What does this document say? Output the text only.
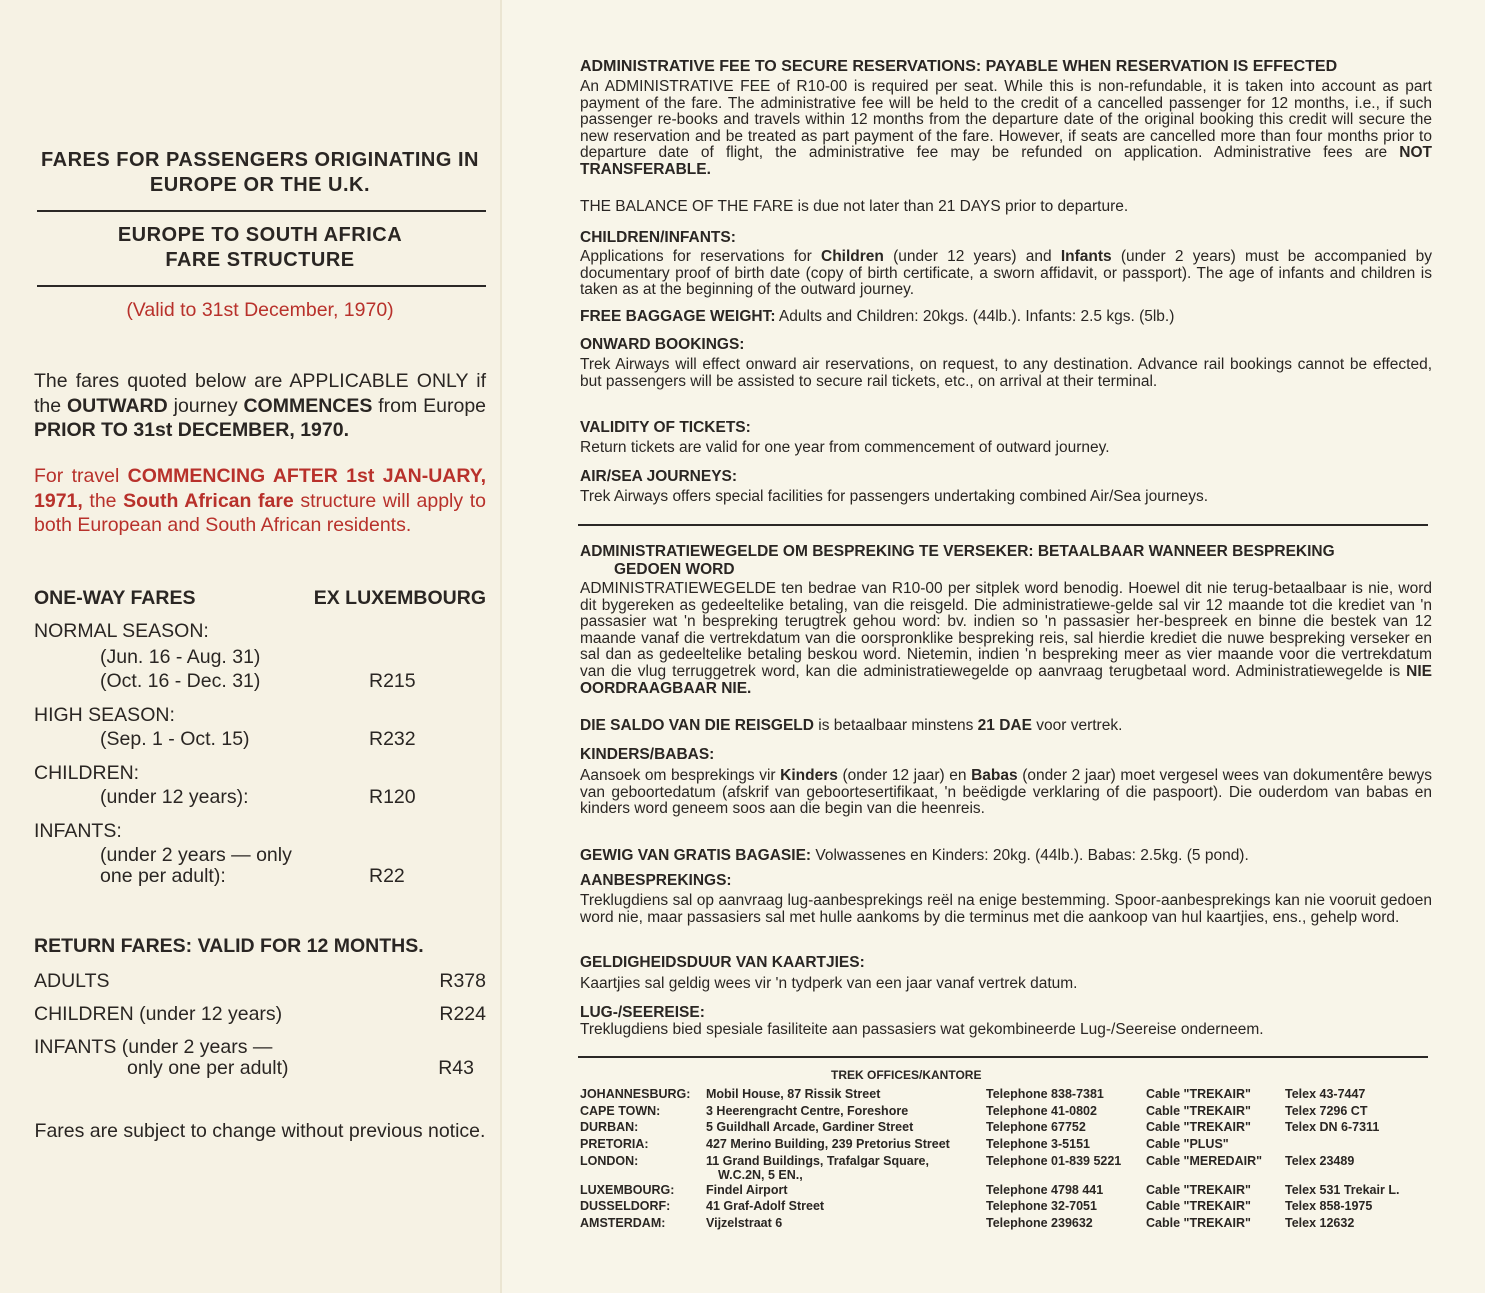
FARES FOR PASSENGERS ORIGINATING IN
EUROPE OR THE U.K.
EUROPE TO SOUTH AFRICA
FARE STRUCTURE
(Valid to 31st December, 1970)
The fares quoted below are APPLICABLE ONLY if the OUTWARD journey COMMENCES from Europe PRIOR TO 31st DECEMBER, 1970.
For travel COMMENCING AFTER 1st JAN-UARY, 1971, the South African fare structure will apply to both European and South African residents.
ONE-WAY FARES	EX LUXEMBOURG
NORMAL SEASON:
(Jun. 16 - Aug. 31)
(Oct. 16 - Dec. 31)	R215
HIGH SEASON:
(Sep. 1 - Oct. 15)	R232
CHILDREN:
(under 12 years):	R120
INFANTS:
(under 2 years — only
one per adult):	R22
RETURN FARES: VALID FOR 12 MONTHS.
ADULTS	R378
CHILDREN (under 12 years)	R224
INFANTS (under 2 years —
only one per adult)	R43
Fares are subject to change without previous notice.
ADMINISTRATIVE FEE TO SECURE RESERVATIONS: PAYABLE WHEN RESERVATION IS EFFECTED
An ADMINISTRATIVE FEE of R10-00 is required per seat. While this is non-refundable, it is taken into account as part payment of the fare. The administrative fee will be held to the credit of a cancelled passenger for 12 months, i.e., if such passenger re-books and travels within 12 months from the departure date of the original booking this credit will secure the new reservation and be treated as part payment of the fare. However, if seats are cancelled more than four months prior to departure date of flight, the administrative fee may be refunded on application. Administrative fees are NOT TRANSFERABLE.
THE BALANCE OF THE FARE is due not later than 21 DAYS prior to departure.
CHILDREN/INFANTS:
Applications for reservations for Children (under 12 years) and Infants (under 2 years) must be accompanied by documentary proof of birth date (copy of birth certificate, a sworn affidavit, or passport). The age of infants and children is taken as at the beginning of the outward journey.
FREE BAGGAGE WEIGHT: Adults and Children: 20kgs. (44lb.). Infants: 2.5 kgs. (5lb.)
ONWARD BOOKINGS:
Trek Airways will effect onward air reservations, on request, to any destination. Advance rail bookings cannot be effected, but passengers will be assisted to secure rail tickets, etc., on arrival at their terminal.
VALIDITY OF TICKETS:
Return tickets are valid for one year from commencement of outward journey.
AIR/SEA JOURNEYS:
Trek Airways offers special facilities for passengers undertaking combined Air/Sea journeys.
ADMINISTRATIEWEGELDE OM BESPREKING TE VERSEKER: BETAALBAAR WANNEER BESPREKING
GEDOEN WORD
ADMINISTRATIEWEGELDE ten bedrae van R10-00 per sitplek word benodig. Hoewel dit nie terug-betaalbaar is nie, word dit bygereken as gedeeltelike betaling, van die reisgeld. Die administratiewe-gelde sal vir 12 maande tot die krediet van 'n passasier wat 'n bespreking terugtrek gehou word: bv. indien so 'n passasier her-bespreek en binne die bestek van 12 maande vanaf die vertrekdatum van die oorspronklike bespreking reis, sal hierdie krediet die nuwe bespreking verseker en sal dan as gedeeltelike betaling beskou word. Nietemin, indien 'n bespreking meer as vier maande voor die vertrekdatum van die vlug terruggetrek word, kan die administratiewegelde op aanvraag terugbetaal word. Administratiewegelde is NIE OORDRAAGBAAR NIE.
DIE SALDO VAN DIE REISGELD is betaalbaar minstens 21 DAE voor vertrek.
KINDERS/BABAS:
Aansoek om besprekings vir Kinders (onder 12 jaar) en Babas (onder 2 jaar) moet vergesel wees van dokumentêre bewys van geboortedatum (afskrif van geboortesertifikaat, 'n beëdigde verklaring of die paspoort). Die ouderdom van babas en kinders word geneem soos aan die begin van die heenreis.
GEWIG VAN GRATIS BAGASIE: Volwassenes en Kinders: 20kg. (44lb.). Babas: 2.5kg. (5 pond).
AANBESPREKINGS:
Treklugdiens sal op aanvraag lug-aanbesprekings reël na enige bestemming. Spoor-aanbesprekings kan nie vooruit gedoen word nie, maar passasiers sal met hulle aankoms by die terminus met die aankoop van hul kaartjies, ens., gehelp word.
GELDIGHEIDSDUUR VAN KAARTJIES:
Kaartjies sal geldig wees vir 'n tydperk van een jaar vanaf vertrek datum.
LUG-/SEEREISE:
Treklugdiens bied spesiale fasiliteite aan passasiers wat gekombineerde Lug-/Seereise onderneem.
TREK OFFICES/KANTORE
JOHANNESBURG: Mobil House, 87 Rissik Street	Telephone 838-7381	Cable "TREKAIR"	Telex 43-7447
CAPE TOWN:	3 Heerengracht Centre, Foreshore	Telephone 41-0802	Cable "TREKAIR"	Telex 7296 CT
DURBAN:	5 Guildhall Arcade, Gardiner Street	Telephone 67752	Cable "TREKAIR"	Telex DN 6-7311
PRETORIA:	427 Merino Building, 239 Pretorius Street	Telephone 3-5151	Cable "PLUS"
LONDON:	11 Grand Buildings, Trafalgar Square,	Telephone 01-839 5221 Cable "MEREDAIR" Telex 23489
W.C.2N, 5 EN.,
LUXEMBOURG:	Findel Airport	Telephone 4798 441	Cable "TREKAIR"	Telex 531 Trekair L.
DUSSELDORF:	41 Graf-Adolf Street	Telephone 32-7051	Cable "TREKAIR"	Telex 858-1975
AMSTERDAM:	Vijzelstraat 6	Telephone 239632	Cable "TREKAIR"	Telex 12632
